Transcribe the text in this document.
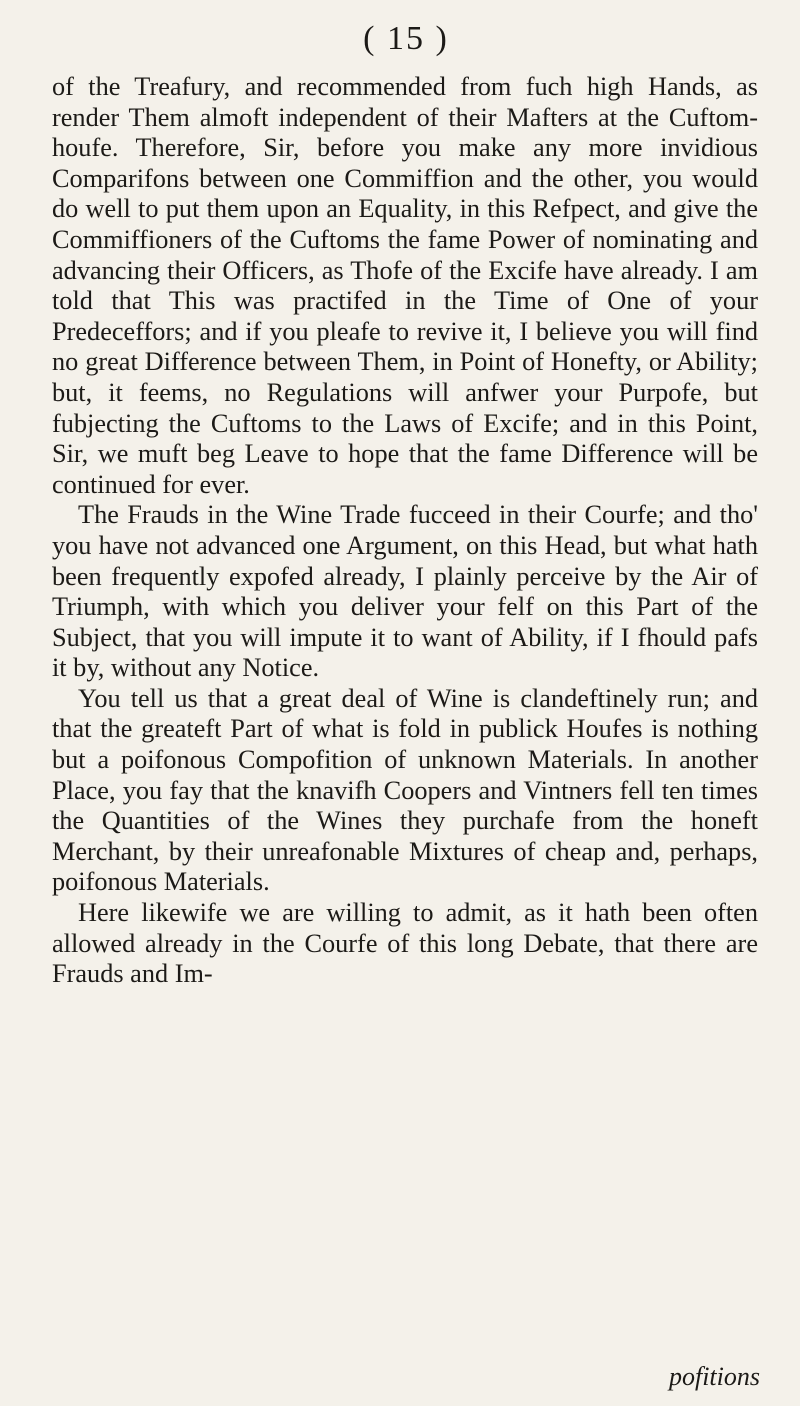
( 15 )

of the Treafury, and recommended from fuch high Hands, as render Them almoft independent of their Mafters at the Cuftom-houfe. Therefore, Sir, before you make any more invidious Comparifons between one Commiffion and the other, you would do well to put them upon an Equality, in this Refpect, and give the Commiffioners of the Cuftoms the fame Power of nominating and advancing their Officers, as Thofe of the Excife have already. I am told that This was practifed in the Time of One of your Predeceffors; and if you pleafe to revive it, I believe you will find no great Difference between Them, in Point of Honefty, or Ability; but, it feems, no Regulations will anfwer your Purpofe, but fubjecting the Cuftoms to the Laws of Excife; and in this Point, Sir, we muft beg Leave to hope that the fame Difference will be continued for ever.

The Frauds in the Wine Trade fucceed in their Courfe; and tho' you have not advanced one Argument, on this Head, but what hath been frequently expofed already, I plainly perceive by the Air of Triumph, with which you deliver your felf on this Part of the Subject, that you will impute it to want of Ability, if I fhould pafs it by, without any Notice.

You tell us that a great deal of Wine is clandeftinely run; and that the greateft Part of what is fold in publick Houfes is nothing but a poifonous Compofition of unknown Materials. In another Place, you fay that the knavifh Coopers and Vintners fell ten times the Quantities of the Wines they purchafe from the honeft Merchant, by their unreafonable Mixtures of cheap and, perhaps, poifonous Materials.

Here likewife we are willing to admit, as it hath been often allowed already in the Courfe of this long Debate, that there are Frauds and Im-

pofitions
